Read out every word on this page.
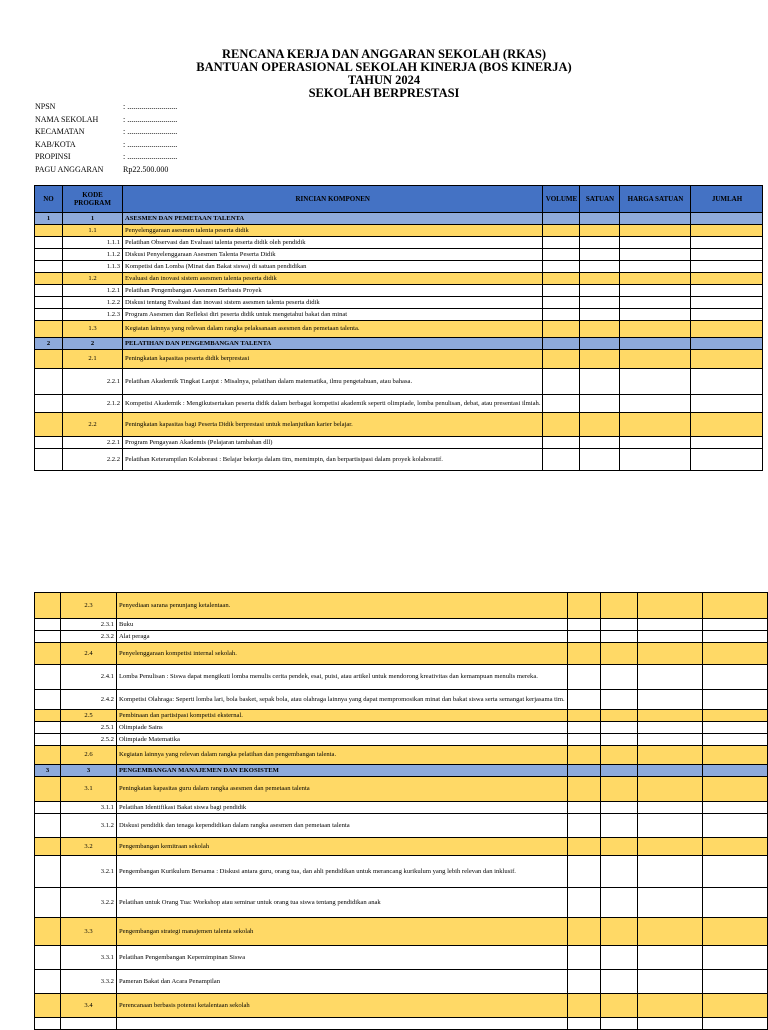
RENCANA KERJA DAN ANGGARAN SEKOLAH (RKAS)
BANTUAN OPERASIONAL SEKOLAH KINERJA (BOS KINERJA)
TAHUN 2024
SEKOLAH BERPRESTASI
NPSN	: .........................
NAMA SEKOLAH	: .........................
KECAMATAN	: .........................
KAB/KOTA	: .........................
PROPINSI	: .........................
PAGU ANGGARAN	Rp22.500.000
NO	KODE PROGRAM	RINCIAN KOMPONEN	VOLUME	SATUAN	HARGA SATUAN	JUMLAH
1	1	ASESMEN DAN PEMETAAN TALENTA				
	1.1	Penyelenggaraan asesmen talenta peserta didik				
	1.1.1	Pelatihan Observasi dan Evaluasi talenta peserta didik oleh pendidik				
	1.1.2	Diskusi Penyelenggaraan Asesmen Talenta Peserta Didik				
	1.1.3	Kompetisi dan Lomba (Minat dan Bakat siswa) di satuan pendidikan				
	1.2	Evaluasi dan inovasi sistem asesmen talenta peserta didik				
	1.2.1	Pelatihan Pengembangan Asesmen Berbasis Proyek				
	1.2.2	Diskusi tentang Evaluasi dan inovasi sistem asesmen talenta peserta didik				
	1.2.3	Program Asesmen dan Refleksi diri peserta didik untuk mengetahui bakat dan minat				
	1.3	Kegiatan lainnya yang relevan dalam rangka pelaksanaan asesmen dan pemetaan talenta.				
2	2	PELATIHAN DAN PENGEMBANGAN TALENTA				
	2.1	Peningkatan kapasitas peserta didik berprestasi				
	2.2.1	Pelatihan Akademik Tingkat Lanjut : Misalnya, pelatihan dalam matematika, ilmu pengetahuan, atau bahasa.				
	2.1.2	Kompetisi Akademik : Mengikutsertakan peserta didik dalam berbagai kompetisi akademik seperti olimpiade, lomba penulisan, debat, atau presentasi ilmiah.				
	2.2	Peningkatan kapasitas bagi Peserta Didik berprestasi untuk melanjutkan karier belajar.				
	2.2.1	Program Pengayaan Akademis (Pelajaran tambahan dll)				
	2.2.2	Pelatihan Keterampilan Kolaborasi : Belajar bekerja dalam tim, memimpin, dan berpartisipasi dalam proyek kolaboratif.				
	2.3	Penyediaan sarana penunjang ketalentaan.				
	2.3.1	Buku				
	2.3.2	Alat peraga				
	2.4	Penyelenggaraan kompetisi internal sekolah.				
	2.4.1	Lomba Penulisan : Siswa dapat mengikuti lomba menulis cerita pendek, esai, puisi, atau artikel untuk mendorong kreativitas dan kemampuan menulis mereka.				
	2.4.2	Kompetisi Olahraga: Seperti lomba lari, bola basket, sepak bola, atau olahraga lainnya yang dapat mempromosikan minat dan bakat siswa serta semangat kerjasama tim.				
	2.5	Pembinaan dan partisipasi kompetisi eksternal.				
	2.5.1	Olimpiade Sains				
	2.5.2	Olimpiade Matematika				
	2.6	Kegiatan lainnya yang relevan dalam rangka pelatihan dan pengembangan talenta.				
3	3	PENGEMBANGAN MANAJEMEN DAN EKOSISTEM				
	3.1	Peningkatan kapasitas guru dalam rangka asesmen dan pemetaan talenta				
	3.1.1	Pelatihan Identifikasi Bakat siswa bagi pendidik				
	3.1.2	Diskusi pendidik dan tenaga kependidikan dalam rangka asesmen dan pemetaan talenta				
	3.2	Pengembangan kemitraan sekolah				
	3.2.1	Pengembangan Kurikulum Bersama : Diskusi antara guru, orang tua, dan ahli pendidikan untuk merancang kurikulum yang lebih relevan dan inklusif.				
	3.2.2	Pelatihan untuk Orang Tua: Workshop atau seminar untuk orang tua siswa tentang pendidikan anak				
	3.3	Pengembangan strategi manajemen talenta sekolah				
	3.3.1	Pelatihan Pengembangan Kepemimpinan Siswa				
	3.3.2	Pameran Bakat dan Acara Penampilan				
	3.4	Perencanaan berbasis potensi ketalentaan sekolah				
